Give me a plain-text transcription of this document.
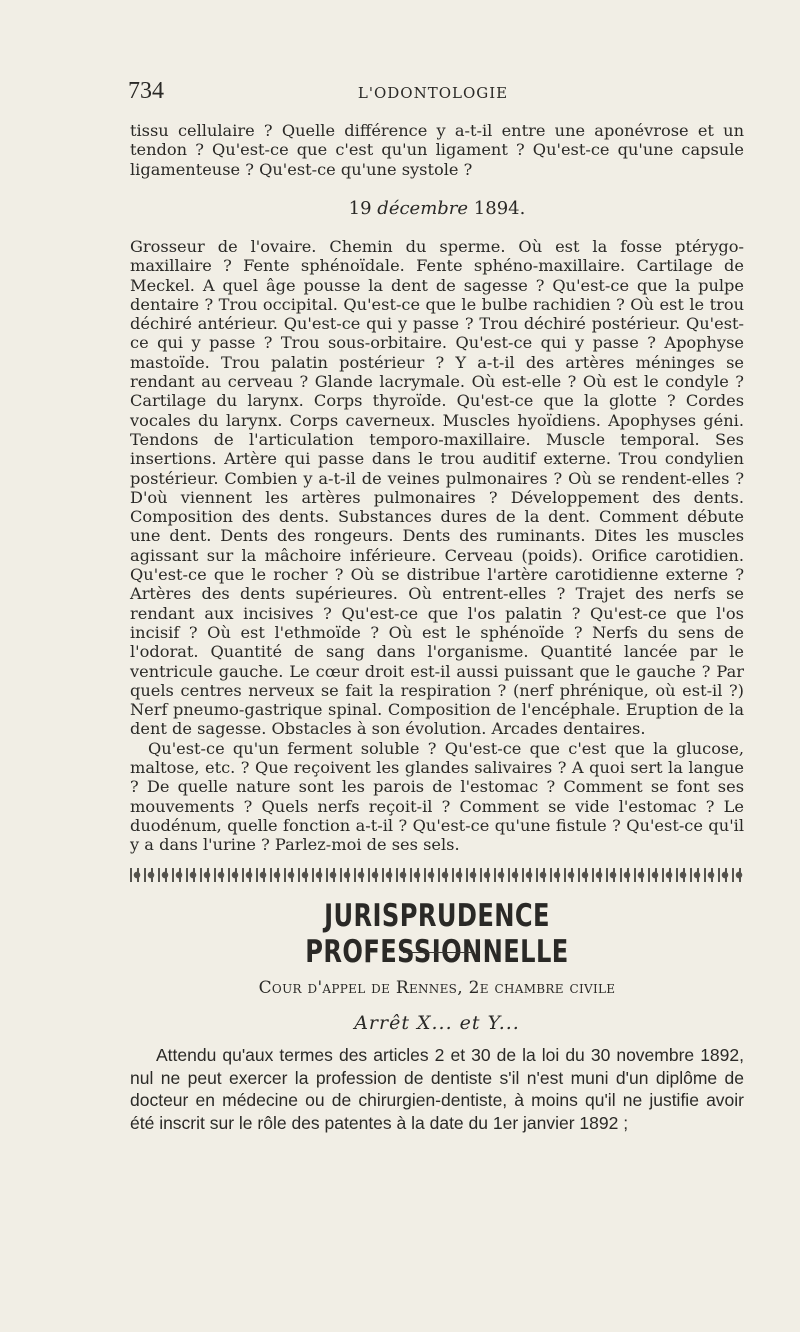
734	L'ODONTOLOGIE
tissu cellulaire ? Quelle différence y a-t-il entre une aponévrose et un tendon ? Qu'est-ce que c'est qu'un ligament ? Qu'est-ce qu'une capsule ligamenteuse ? Qu'est-ce qu'une systole ?
19 décembre 1894.

Grosseur de l'ovaire. Chemin du sperme. Où est la fosse ptérygo-maxillaire ? Fente sphénoïdale. Fente sphéno-maxillaire. Cartilage de Meckel. A quel âge pousse la dent de sagesse ? Qu'est-ce que la pulpe dentaire ? Trou occipital. Qu'est-ce que le bulbe rachidien ? Où est le trou déchiré antérieur. Qu'est-ce qui y passe ? Trou déchiré postérieur. Qu'est-ce qui y passe ? Trou sous-orbitaire. Qu'est-ce qui y passe ? Apophyse mastoïde. Trou palatin postérieur ? Y a-t-il des artères méninges se rendant au cerveau ? Glande lacrymale. Où est-elle ? Où est le condyle ? Cartilage du larynx. Corps thyroïde. Qu'est-ce que la glotte ? Cordes vocales du larynx. Corps caverneux. Muscles hyoïdiens. Apophyses géni. Tendons de l'articulation temporo-maxillaire. Muscle temporal. Ses insertions. Artère qui passe dans le trou auditif externe. Trou condylien postérieur. Combien y a-t-il de veines pulmonaires ? Où se rendent-elles ? D'où viennent les artères pulmonaires ? Développement des dents. Composition des dents. Substances dures de la dent. Comment débute une dent. Dents des rongeurs. Dents des ruminants. Dites les muscles agissant sur la mâchoire inférieure. Cerveau (poids). Orifice carotidien. Qu'est-ce que le rocher ? Où se distribue l'artère carotidienne externe ? Artères des dents supérieures. Où entrent-elles ? Trajet des nerfs se rendant aux incisives ? Qu'est-ce que l'os palatin ? Qu'est-ce que l'os incisif ? Où est l'ethmoïde ? Où est le sphénoïde ? Nerfs du sens de l'odorat. Quantité de sang dans l'organisme. Quantité lancée par le ventricule gauche. Le cœur droit est-il aussi puissant que le gauche ? Par quels centres nerveux se fait la respiration ? (nerf phrénique, où est-il ?) Nerf pneumo-gastrique spinal. Composition de l'encéphale. Eruption de la dent de sagesse. Obstacles à son évolution. Arcades dentaires.

Qu'est-ce qu'un ferment soluble ? Qu'est-ce que c'est que la glucose, maltose, etc. ? Que reçoivent les glandes salivaires ? A quoi sert la langue ? De quelle nature sont les parois de l'estomac ? Comment se font ses mouvements ? Quels nerfs reçoit-il ? Comment se vide l'estomac ? Le duodénum, quelle fonction a-t-il ? Qu'est-ce qu'une fistule ? Qu'est-ce qu'il y a dans l'urine ? Parlez-moi de ses sels.

JURISPRUDENCE PROFESSIONNELLE
Cour d'appel de Rennes, 2e chambre civile
Arrêt X... et Y...
Attendu qu'aux termes des articles 2 et 30 de la loi du 30 novembre 1892, nul ne peut exercer la profession de dentiste s'il n'est muni d'un diplôme de docteur en médecine ou de chirurgien-dentiste, à moins qu'il ne justifie avoir été inscrit sur le rôle des patentes à la date du 1er janvier 1892 ;
